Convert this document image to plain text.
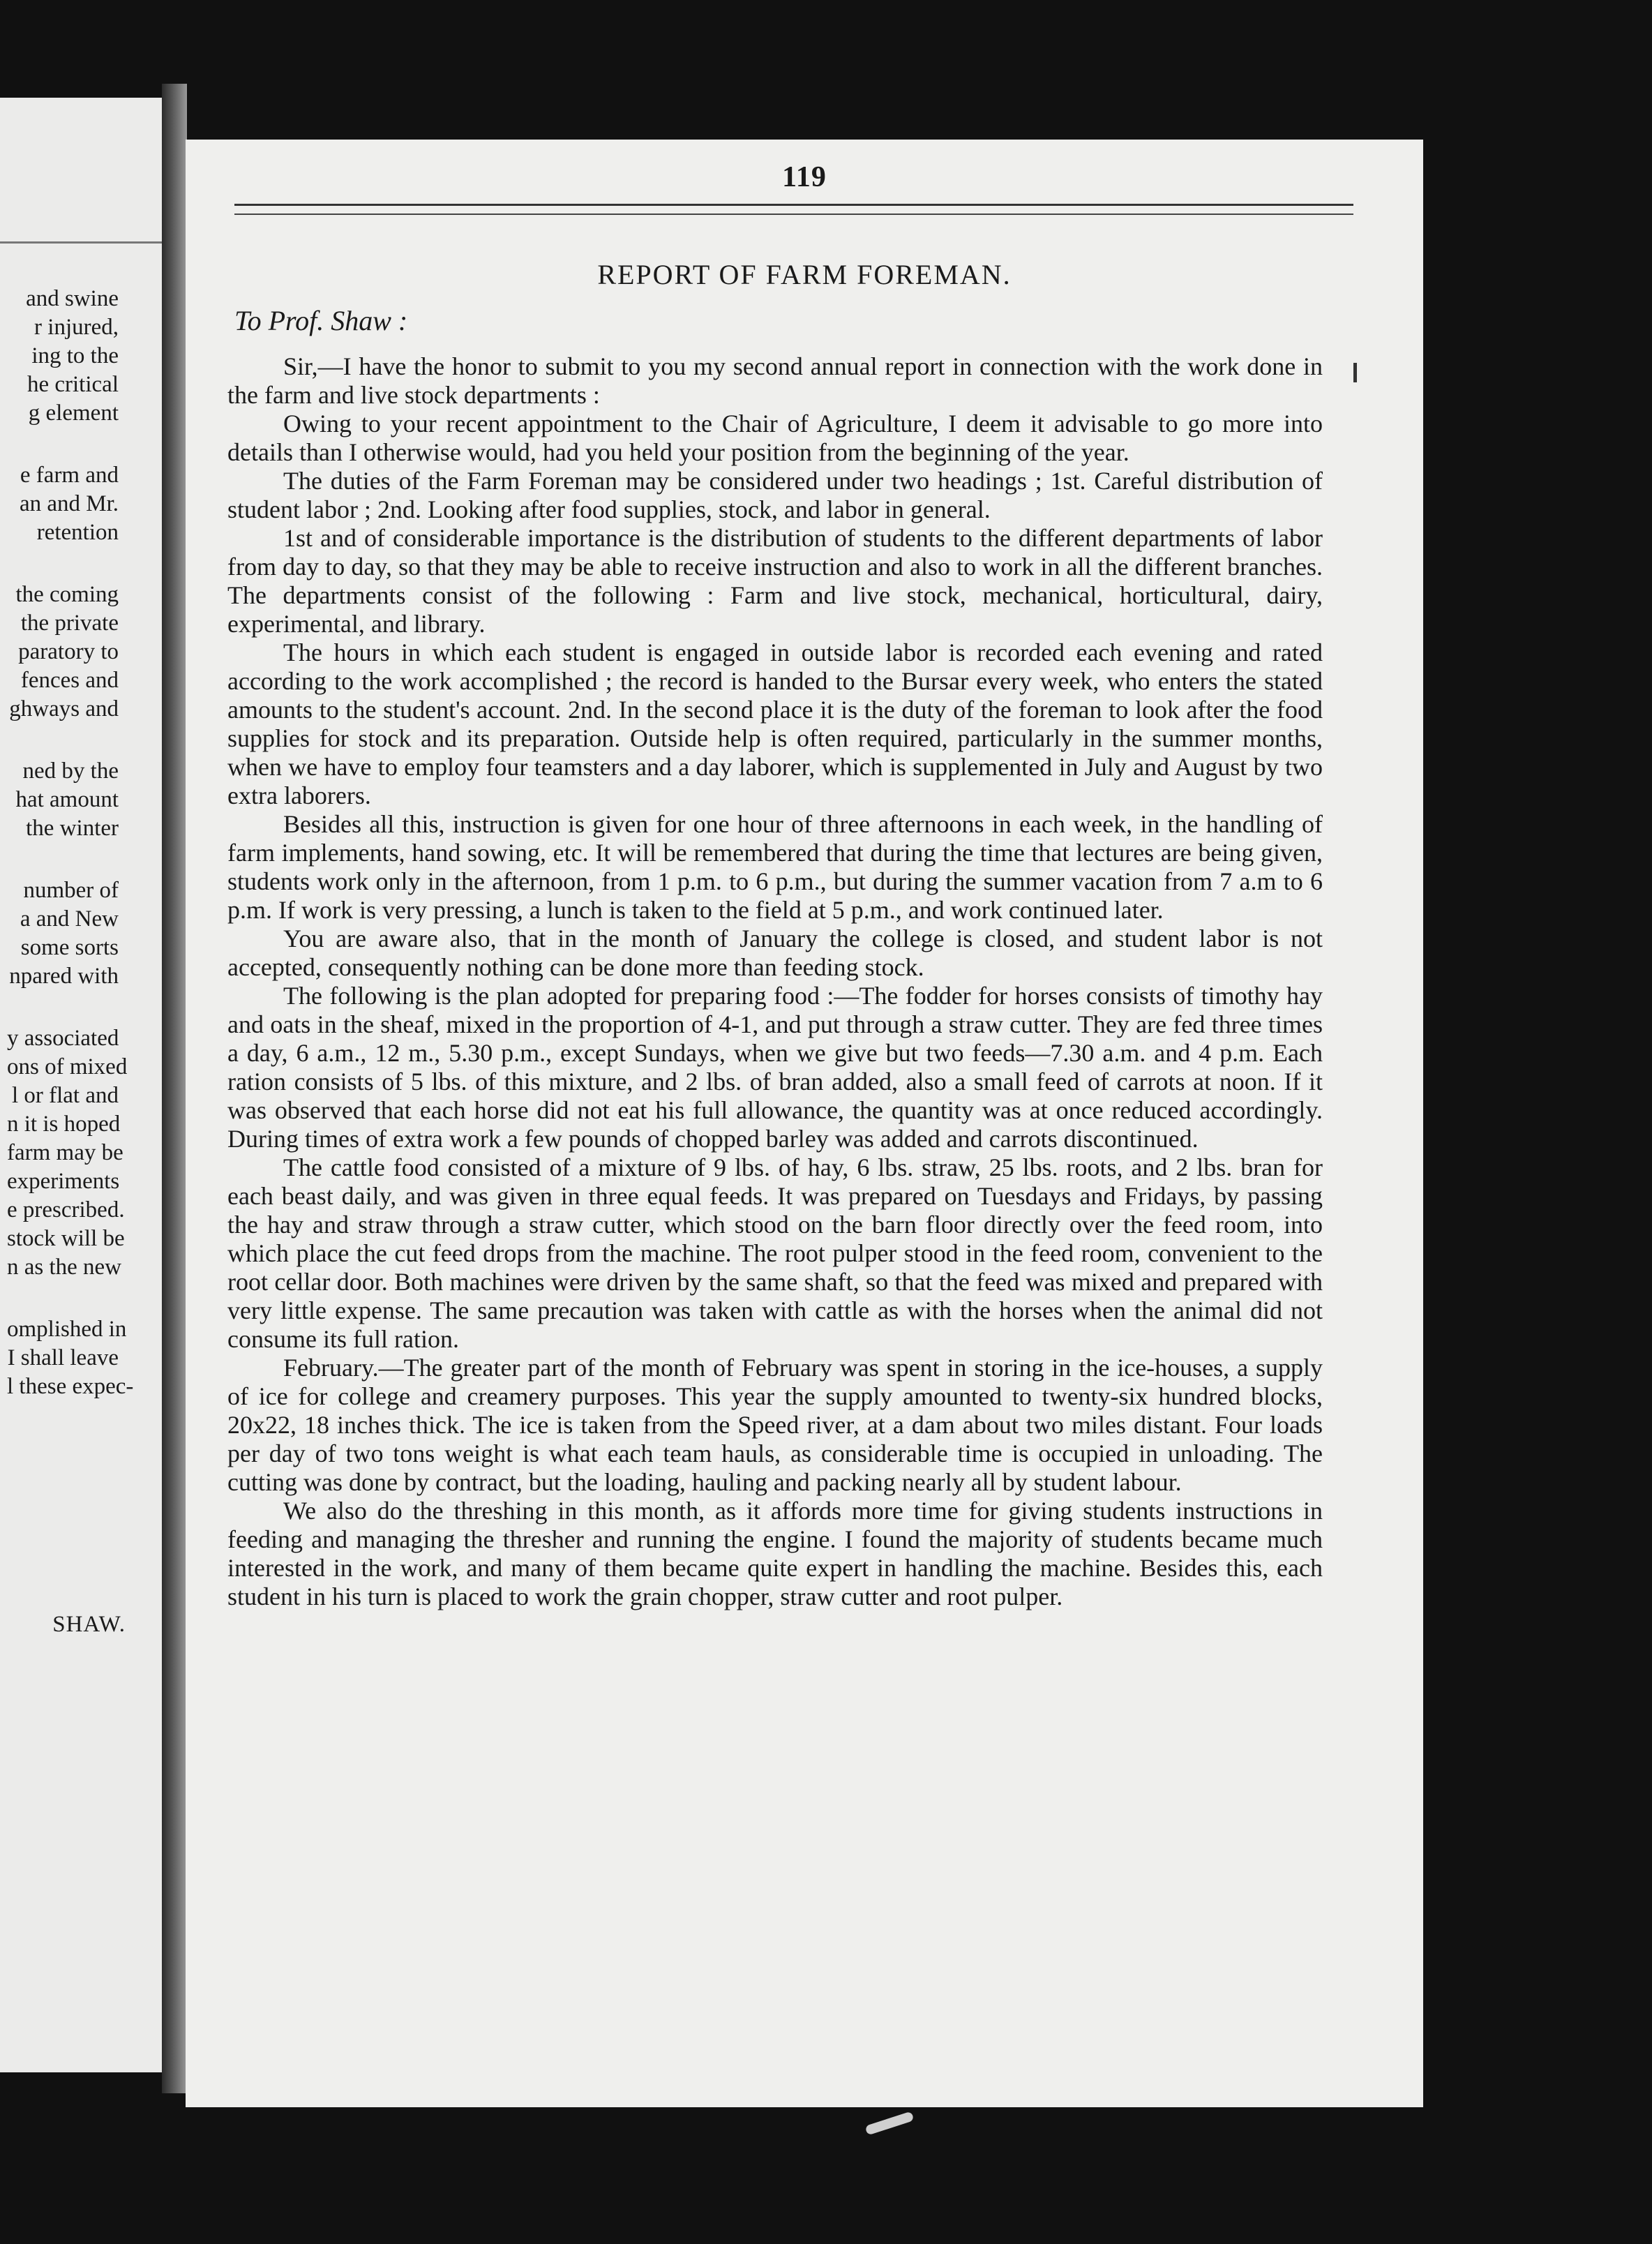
and swine
r injured,
ing to the
he critical
g element
e farm and
an and Mr.
retention
the coming
the private
paratory to
fences and
ghways and
ned by the
hat amount
the winter
number of
a and New
some sorts
npared with
y associated
ons of mixed
l or flat and
n it is hoped
farm may be
experiments
e prescribed.
stock will be
n as the new
omplished in
I shall leave
l these expec-
SHAW.
119
REPORT OF FARM FOREMAN.
To Prof. Shaw :

Sir,—I have the honor to submit to you my second annual report in connection with the work done in the farm and live stock departments :

Owing to your recent appointment to the Chair of Agriculture, I deem it advisable to go more into details than I otherwise would, had you held your position from the beginning of the year.

The duties of the Farm Foreman may be considered under two headings ; 1st. Careful distribution of student labor ; 2nd. Looking after food supplies, stock, and labor in general.

1st and of considerable importance is the distribution of students to the different departments of labor from day to day, so that they may be able to receive instruction and also to work in all the different branches. The departments consist of the following : Farm and live stock, mechanical, horticultural, dairy, experimental, and library.

The hours in which each student is engaged in outside labor is recorded each evening and rated according to the work accomplished ; the record is handed to the Bursar every week, who enters the stated amounts to the student's account. 2nd. In the second place it is the duty of the foreman to look after the food supplies for stock and its preparation. Outside help is often required, particularly in the summer months, when we have to employ four teamsters and a day laborer, which is supplemented in July and August by two extra laborers.

Besides all this, instruction is given for one hour of three afternoons in each week, in the handling of farm implements, hand sowing, etc. It will be remembered that during the time that lectures are being given, students work only in the afternoon, from 1 p.m. to 6 p.m., but during the summer vacation from 7 a.m to 6 p.m. If work is very pressing, a lunch is taken to the field at 5 p.m., and work continued later.

You are aware also, that in the month of January the college is closed, and student labor is not accepted, consequently nothing can be done more than feeding stock.

The following is the plan adopted for preparing food :—The fodder for horses consists of timothy hay and oats in the sheaf, mixed in the proportion of 4-1, and put through a straw cutter. They are fed three times a day, 6 a.m., 12 m., 5.30 p.m., except Sundays, when we give but two feeds—7.30 a.m. and 4 p.m. Each ration consists of 5 lbs. of this mixture, and 2 lbs. of bran added, also a small feed of carrots at noon. If it was observed that each horse did not eat his full allowance, the quantity was at once reduced accordingly. During times of extra work a few pounds of chopped barley was added and carrots discontinued.

The cattle food consisted of a mixture of 9 lbs. of hay, 6 lbs. straw, 25 lbs. roots, and 2 lbs. bran for each beast daily, and was given in three equal feeds. It was prepared on Tuesdays and Fridays, by passing the hay and straw through a straw cutter, which stood on the barn floor directly over the feed room, into which place the cut feed drops from the machine. The root pulper stood in the feed room, convenient to the root cellar door. Both machines were driven by the same shaft, so that the feed was mixed and prepared with very little expense. The same precaution was taken with cattle as with the horses when the animal did not consume its full ration.

February.—The greater part of the month of February was spent in storing in the ice-houses, a supply of ice for college and creamery purposes. This year the supply amounted to twenty-six hundred blocks, 20x22, 18 inches thick. The ice is taken from the Speed river, at a dam about two miles distant. Four loads per day of two tons weight is what each team hauls, as considerable time is occupied in unloading. The cutting was done by contract, but the loading, hauling and packing nearly all by student labour.

We also do the threshing in this month, as it affords more time for giving students instructions in feeding and managing the thresher and running the engine. I found the majority of students became much interested in the work, and many of them became quite expert in handling the machine. Besides this, each student in his turn is placed to work the grain chopper, straw cutter and root pulper.
